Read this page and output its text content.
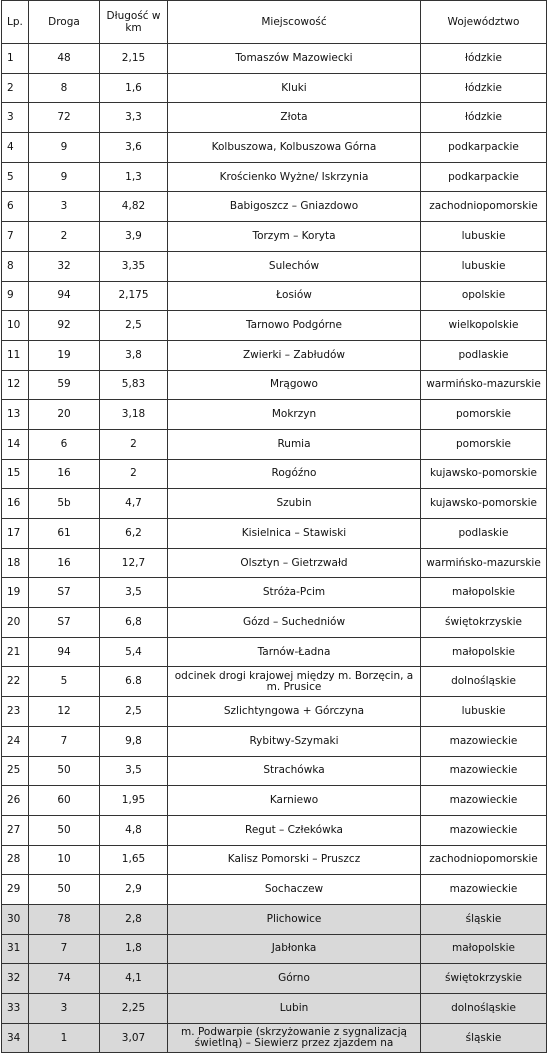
Lp.	Droga	Długość w km	Miejscowość	Województwo
1	48	2,15	Tomaszów Mazowiecki	łódzkie
2	8	1,6	Kluki	łódzkie
3	72	3,3	Złota	łódzkie
4	9	3,6	Kolbuszowa, Kolbuszowa Górna	podkarpackie
5	9	1,3	Krościenko Wyżne/ Iskrzynia	podkarpackie
6	3	4,82	Babigoszcz – Gniazdowo	zachodniopomorskie
7	2	3,9	Torzym – Koryta	lubuskie
8	32	3,35	Sulechów	lubuskie
9	94	2,175	Łosiów	opolskie
10	92	2,5	Tarnowo Podgórne	wielkopolskie
11	19	3,8	Zwierki – Zabłudów	podlaskie
12	59	5,83	Mrągowo	warmińsko-mazurskie
13	20	3,18	Mokrzyn	pomorskie
14	6	2	Rumia	pomorskie
15	16	2	Rogóźno	kujawsko-pomorskie
16	5b	4,7	Szubin	kujawsko-pomorskie
17	61	6,2	Kisielnica – Stawiski	podlaskie
18	16	12,7	Olsztyn – Gietrzwałd	warmińsko-mazurskie
19	S7	3,5	Stróża-Pcim	małopolskie
20	S7	6,8	Gózd – Suchedniów	świętokrzyskie
21	94	5,4	Tarnów-Ładna	małopolskie
22	5	6.8	odcinek drogi krajowej między m. Borzęcin, a m. Prusice	dolnośląskie
23	12	2,5	Szlichtyngowa + Górczyna	lubuskie
24	7	9,8	Rybitwy-Szymaki	mazowieckie
25	50	3,5	Strachówka	mazowieckie
26	60	1,95	Karniewo	mazowieckie
27	50	4,8	Regut – Człekówka	mazowieckie
28	10	1,65	Kalisz Pomorski – Pruszcz	zachodniopomorskie
29	50	2,9	Sochaczew	mazowieckie
30	78	2,8	Plichowice	śląskie
31	7	1,8	Jabłonka	małopolskie
32	74	4,1	Górno	świętokrzyskie
33	3	2,25	Lubin	dolnośląskie
34	1	3,07	m. Podwarpie (skrzyżowanie z sygnalizacją świetlną) – Siewierz przez zjazdem na	śląskie
